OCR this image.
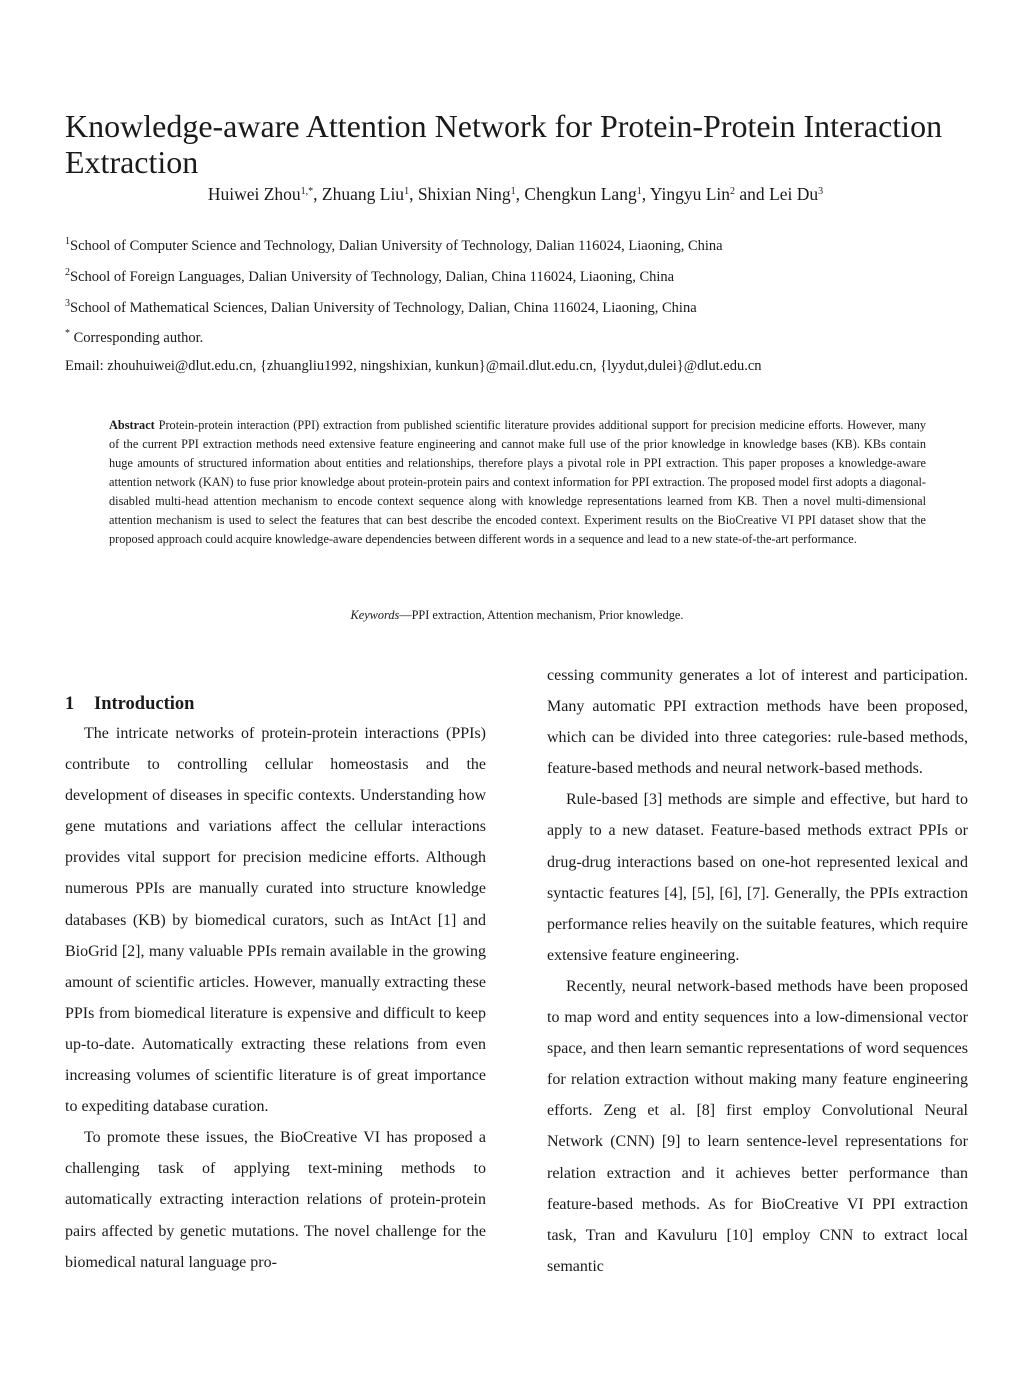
Knowledge-aware Attention Network for Protein-Protein Interaction Extraction
Huiwei Zhou$^{1,*}$, Zhuang Liu$^1$, Shixian Ning$^1$, Chengkun Lang$^1$, Yingyu Lin$^2$ and Lei Du$^3$
$^1$School of Computer Science and Technology, Dalian University of Technology, Dalian 116024, Liaoning, China
$^2$School of Foreign Languages, Dalian University of Technology, Dalian, China 116024, Liaoning, China
$^3$School of Mathematical Sciences, Dalian University of Technology, Dalian, China 116024, Liaoning, China
* Corresponding author.
Email: zhouhuiwei@dlut.edu.cn, {zhuangliu1992, ningshixian, kunkun}@mail.dlut.edu.cn, {lyydut,dulei}@dlut.edu.cn
Abstract Protein-protein interaction (PPI) extraction from published scientific literature provides additional support for precision medicine efforts. However, many of the current PPI extraction methods need extensive feature engineering and cannot make full use of the prior knowledge in knowledge bases (KB). KBs contain huge amounts of structured information about entities and relationships, therefore plays a pivotal role in PPI extraction. This paper proposes a knowledge-aware attention network (KAN) to fuse prior knowledge about protein-protein pairs and context information for PPI extraction. The proposed model first adopts a diagonal-disabled multi-head attention mechanism to encode context sequence along with knowledge representations learned from KB. Then a novel multi-dimensional attention mechanism is used to select the features that can best describe the encoded context. Experiment results on the BioCreative VI PPI dataset show that the proposed approach could acquire knowledge-aware dependencies between different words in a sequence and lead to a new state-of-the-art performance.
Keywords—PPI extraction, Attention mechanism, Prior knowledge.
1 Introduction

The intricate networks of protein-protein interactions (PPIs) contribute to controlling cellular homeostasis and the development of diseases in specific contexts. Understanding how gene mutations and variations affect the cellular interactions provides vital support for precision medicine efforts. Although numerous PPIs are manually curated into structure knowledge databases (KB) by biomedical curators, such as IntAct [1] and BioGrid [2], many valuable PPIs remain available in the growing amount of scientific articles. However, manually extracting these PPIs from biomedical literature is expensive and difficult to keep up-to-date. Automatically extracting these relations from even increasing volumes of scientific literature is of great importance to expediting database curation.

To promote these issues, the BioCreative VI has proposed a challenging task of applying text-mining methods to automatically extracting interaction relations of protein-protein pairs affected by genetic mutations. The novel challenge for the biomedical natural language pro-

cessing community generates a lot of interest and participation. Many automatic PPI extraction methods have been proposed, which can be divided into three categories: rule-based methods, feature-based methods and neural network-based methods.

Rule-based [3] methods are simple and effective, but hard to apply to a new dataset. Feature-based methods extract PPIs or drug-drug interactions based on one-hot represented lexical and syntactic features [4], [5], [6], [7]. Generally, the PPIs extraction performance relies heavily on the suitable features, which require extensive feature engineering.

Recently, neural network-based methods have been proposed to map word and entity sequences into a low-dimensional vector space, and then learn semantic representations of word sequences for relation extraction without making many feature engineering efforts. Zeng et al. [8] first employ Convolutional Neural Network (CNN) [9] to learn sentence-level representations for relation extraction and it achieves better performance than feature-based methods. As for BioCreative VI PPI extraction task, Tran and Kavuluru [10] employ CNN to extract local semantic
